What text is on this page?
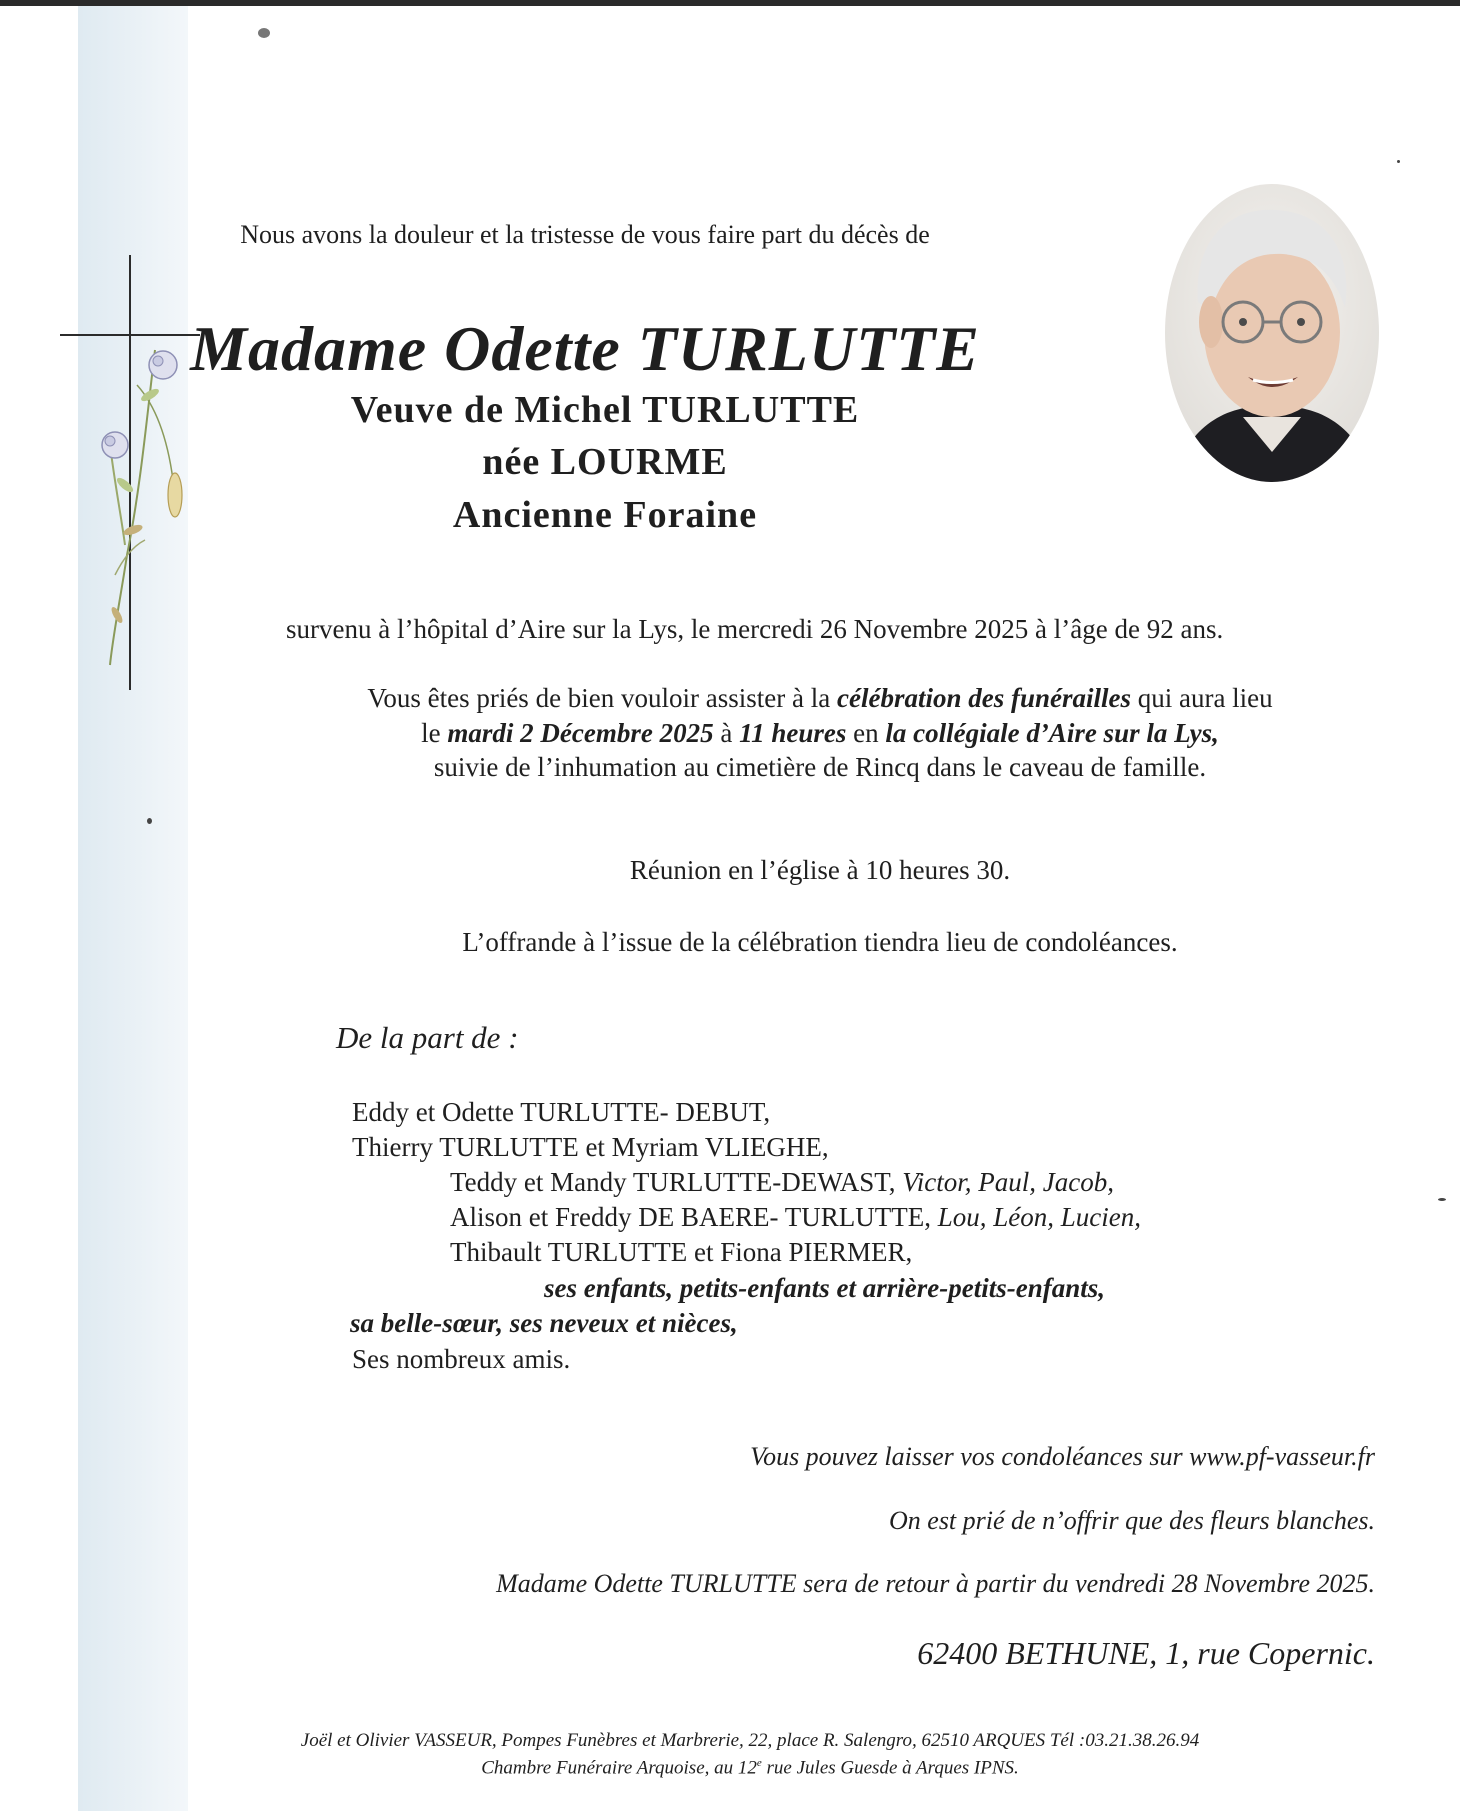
Nous avons la douleur et la tristesse de vous faire part du décès de

Madame Odette TURLUTTE

Veuve de Michel TURLUTTE

née LOURME

Ancienne Foraine

survenu à l’hôpital d’Aire sur la Lys, le mercredi 26 Novembre 2025 à l’âge de 92 ans.

Vous êtes priés de bien vouloir assister à la célébration des funérailles qui aura lieu

le mardi 2 Décembre 2025 à 11 heures en la collégiale d’Aire sur la Lys,

suivie de l’inhumation au cimetière de Rincq dans le caveau de famille.

Réunion en l’église à 10 heures 30.

L’offrande à l’issue de la célébration tiendra lieu de condoléances.

De la part de :

Eddy et Odette TURLUTTE- DEBUT,

Thierry TURLUTTE et Myriam VLIEGHE,

Teddy et Mandy TURLUTTE-DEWAST, Victor, Paul, Jacob,

Alison et Freddy DE BAERE- TURLUTTE, Lou, Léon, Lucien,

Thibault TURLUTTE et Fiona PIERMER,

ses enfants, petits-enfants et arrière-petits-enfants,

sa belle-sœur, ses neveux et nièces,

Ses nombreux amis.

Vous pouvez laisser vos condoléances sur www.pf-vasseur.fr

On est prié de n’offrir que des fleurs blanches.

Madame Odette TURLUTTE sera de retour à partir du vendredi 28 Novembre 2025.

62400 BETHUNE, 1, rue Copernic.

Joël et Olivier VASSEUR, Pompes Funèbres et Marbrerie, 22, place R. Salengro, 62510 ARQUES Tél :03.21.38.26.94

Chambre Funéraire Arquoise, au 12e rue Jules Guesde à Arques IPNS.
